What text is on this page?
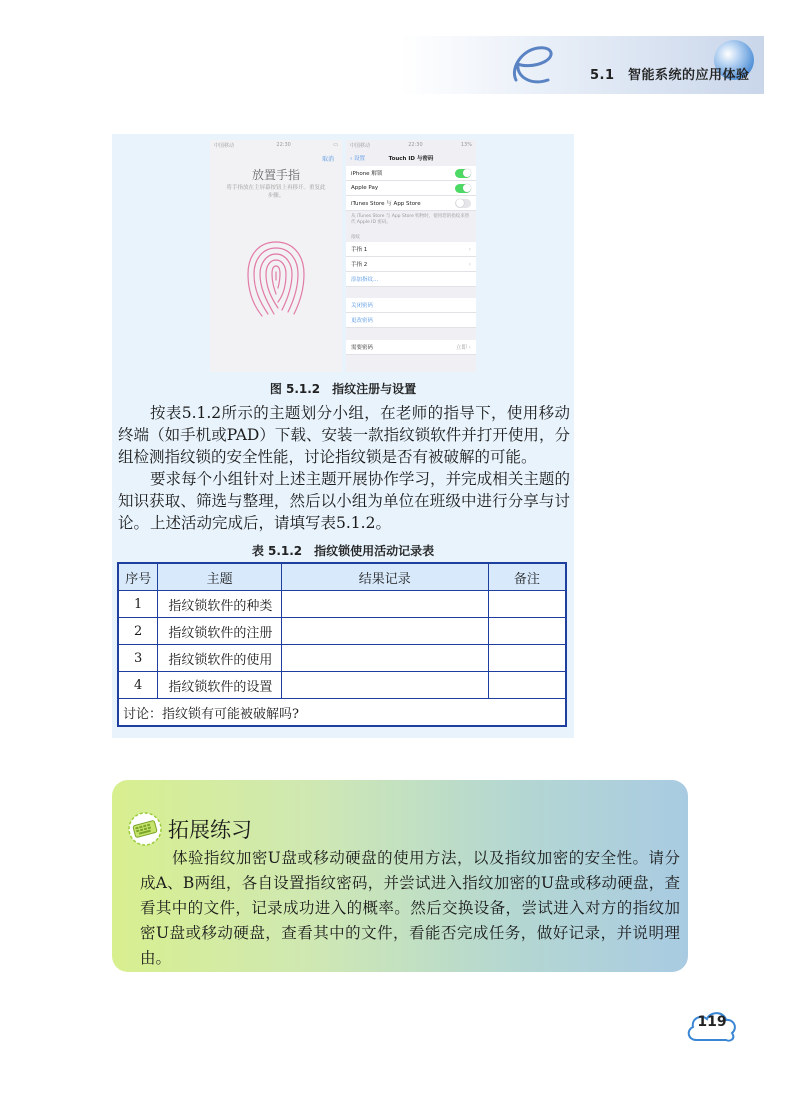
5.1　智能系统的应用体验
中国移动	22:30	▭
取消
放置手指
将手指放在主屏幕按钮上再移开。重复此步骤。
中国移动	22:30	13%
‹ 设置	Touch ID 与密码
iPhone 解锁
Apple Pay
iTunes Store 与 App Store
从 iTunes Store 与 App Store 购物时，使用您的指纹来替代 Apple ID 密码。
指纹
手指 1	›
手指 2	›
添加指纹...
关闭密码
更改密码
需要密码	立即 ›
图 5.1.2　指纹注册与设置
按表5.1.2所示的主题划分小组，在老师的指导下，使用移动终端（如手机或PAD）下载、安装一款指纹锁软件并打开使用，分组检测指纹锁的安全性能，讨论指纹锁是否有被破解的可能。
要求每个小组针对上述主题开展协作学习，并完成相关主题的知识获取、筛选与整理，然后以小组为单位在班级中进行分享与讨论。 上述活动完成后，请填写表5.1.2。
表 5.1.2　指纹锁使用活动记录表
序号	主题	结果记录	备注
1	指纹锁软件的种类		
2	指纹锁软件的注册		
3	指纹锁软件的使用		
4	指纹锁软件的设置		
讨论：指纹锁有可能被破解吗?			
拓展练习
体验指纹加密U盘或移动硬盘的使用方法，以及指纹加密的安全性。请分成A、B两组，各自设置指纹密码，并尝试进入指纹加密的U盘或移动硬盘，查看其中的文件，记录成功进入的概率。然后交换设备，尝试进入对方的指纹加密U盘或移动硬盘，查看其中的文件，看能否完成任务，做好记录，并说明理由。
119
